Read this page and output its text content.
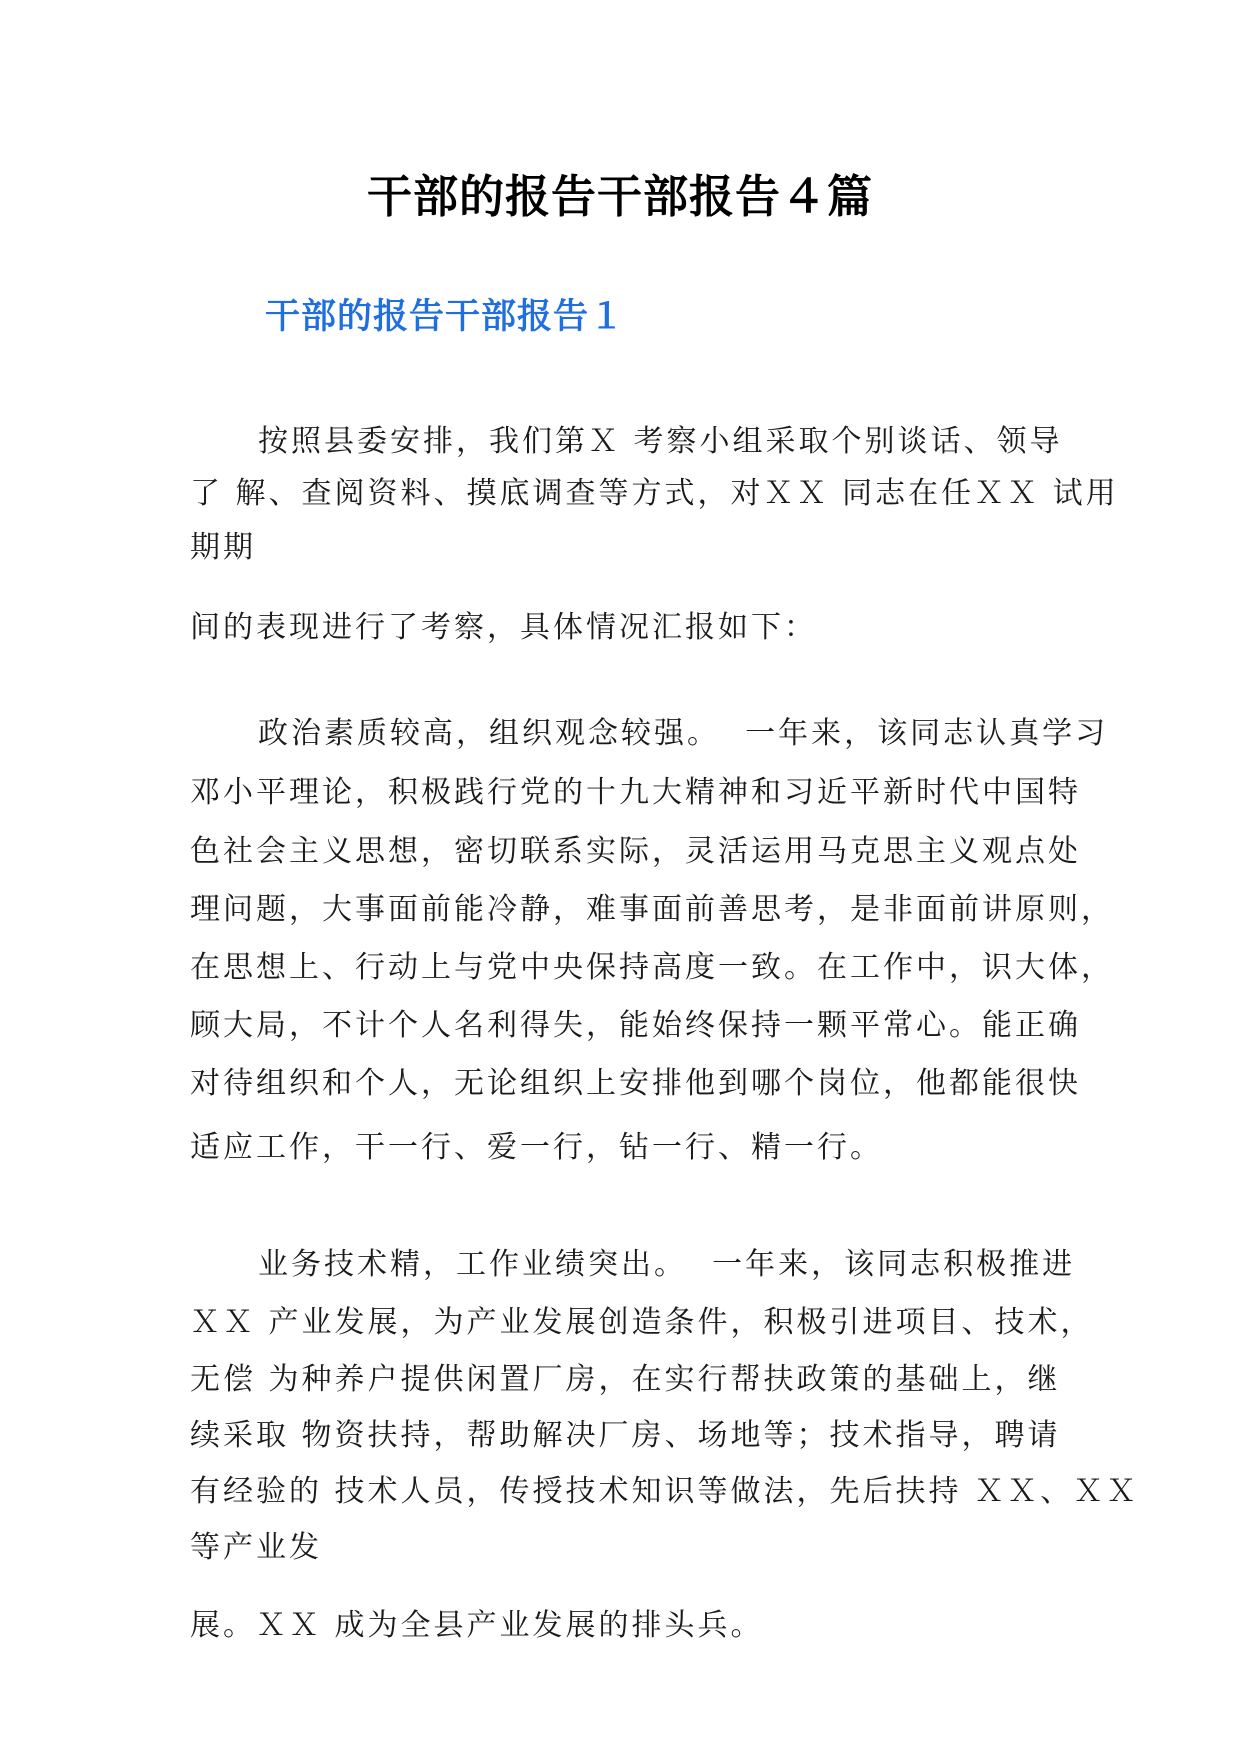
干部的报告干部报告４篇
干部的报告干部报告１
按照县委安排，我们第Ｘ 考察小组采取个别谈话、领导
了 解、查阅资料、摸底调查等方式，对ＸＸ 同志在任ＸＸ 试用
期期
间的表现进行了考察，具体情况汇报如下：
政治素质较高，组织观念较强。  一年来，该同志认真学习
邓小平理论，积极践行党的十九大精神和习近平新时代中国特
色社会主义思想，密切联系实际，灵活运用马克思主义观点处
理问题，大事面前能冷静，难事面前善思考，是非面前讲原则，
在思想上、行动上与党中央保持高度一致。在工作中，识大体，
顾大局，不计个人名利得失，能始终保持一颗平常心。能正确
对待组织和个人，无论组织上安排他到哪个岗位，他都能很快
适应工作，干一行、爱一行，钻一行、精一行。
业务技术精，工作业绩突出。  一年来，该同志积极推进
ＸＸ 产业发展，为产业发展创造条件，积极引进项目、技术，
无偿 为种养户提供闲置厂房，在实行帮扶政策的基础上，继
续采取 物资扶持，帮助解决厂房、场地等；技术指导，聘请
有经验的 技术人员，传授技术知识等做法，先后扶持 ＸＸ、ＸＸ
等产业发
展。ＸＸ 成为全县产业发展的排头兵。
